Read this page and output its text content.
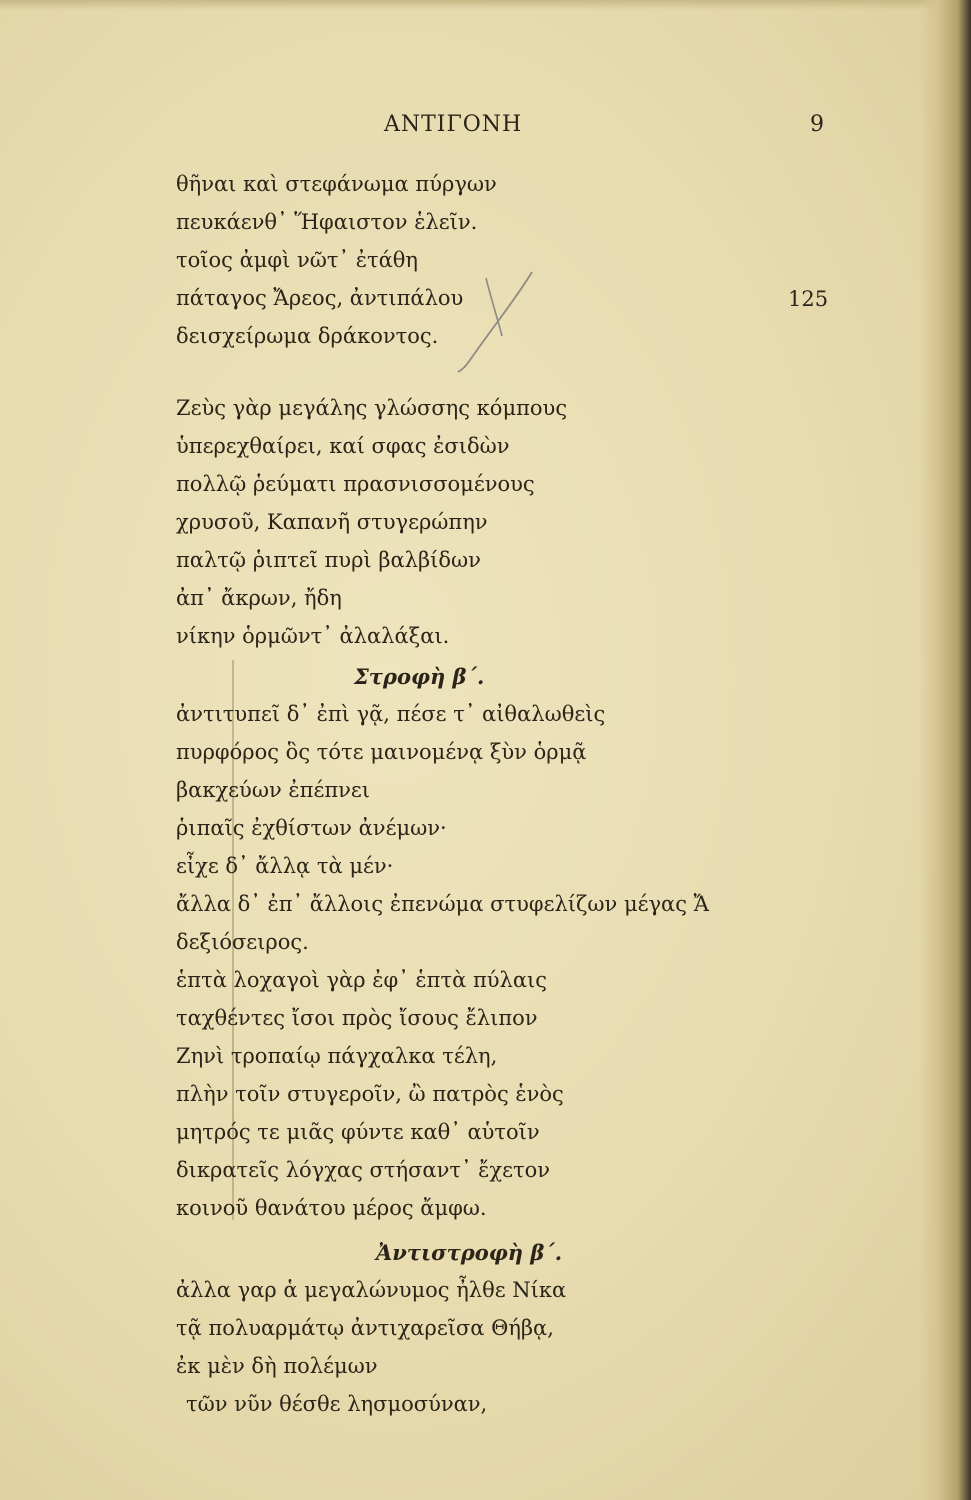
ΑΝΤΙΓΟΝΗ	9
125
θῆναι καὶ στεφάνωμα πύργων
πευκάενθ᾽ Ἥφαιστον ἑλεῖν.
τοῖος ἀμφὶ νῶτ᾽ ἐτάθη
πάταγος Ἄρεος, ἀντιπάλου
δεισχείρωμα δράκοντος.
Ζεὺς γὰρ μεγάλης γλώσσης κόμπους
ὑπερεχθαίρει, καί σφας ἐσιδὼν
πολλῷ ῥεύματι πρασνισσομένους
χρυσοῦ, Καπανῆ στυγερώπην
παλτῷ ῥιπτεῖ πυρὶ βαλβίδων
ἀπ᾽ ἄκρων, ἤδη
νίκην ὁρμῶντ᾽ ἀλαλάξαι.
Στροφὴ β΄.
ἀντιτυπεῖ δ᾽ ἐπὶ γᾷ, πέσε τ᾽ αἰθαλωθεὶς
πυρφόρος ὃς τότε μαινομένᾳ ξὺν ὁρμᾷ
βακχεύων ἐπέπνει
ῥιπαῖς ἐχθίστων ἀνέμων·
εἶχε δ᾽ ἄλλᾳ τὰ μέν·
ἄλλα δ᾽ ἐπ᾽ ἄλλοις ἐπενώμα στυφελίζων μέγας Ἄ
δεξιόσειρος.
ἑπτὰ λοχαγοὶ γὰρ ἐφ᾽ ἑπτὰ πύλαις
ταχθέντες ἴσοι πρὸς ἴσους ἔλιπον
Ζηνὶ τροπαίῳ πάγχαλκα τέλη,
πλὴν τοῖν στυγεροῖν, ὢ πατρὸς ἑνὸς
μητρός τε μιᾶς φύντε καθ᾽ αὑτοῖν
δικρατεῖς λόγχας στήσαντ᾽ ἔχετον
κοινοῦ θανάτου μέρος ἄμφω.
Ἀντιστροφὴ β΄.
ἀλλα γαρ ἁ μεγαλώνυμος ἦλθε Νίκα
τᾷ πολυαρμάτῳ ἀντιχαρεῖσα Θήβᾳ,
ἐκ μὲν δὴ πολέμων
τῶν νῦν θέσθε λησμοσύναν,
